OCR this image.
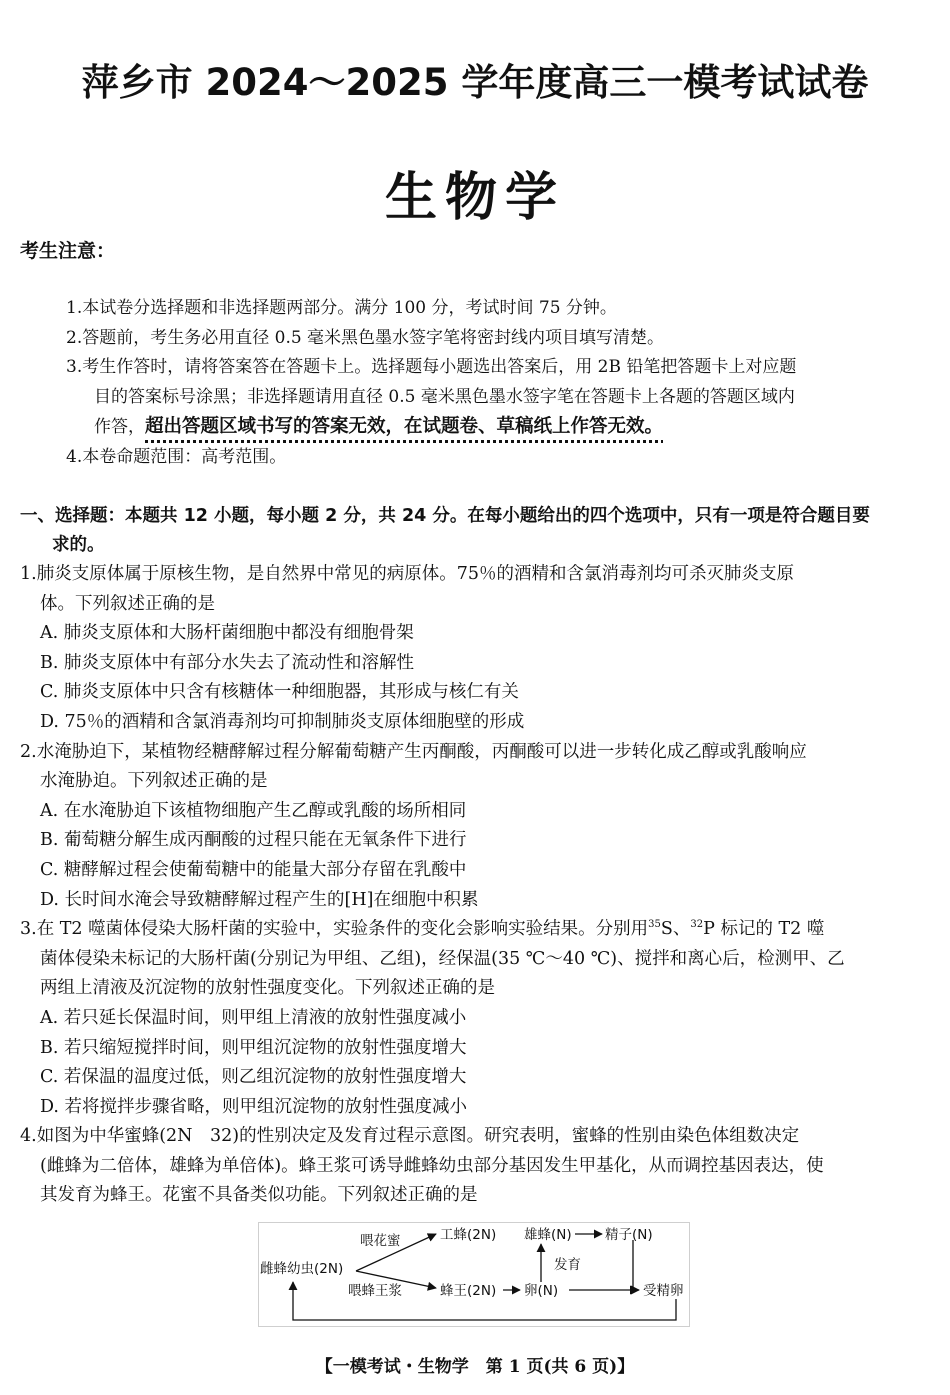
萍乡市 2024～2025 学年度高三一模考试试卷
生物学
考生注意：

1.本试卷分选择题和非选择题两部分。满分 100 分，考试时间 75 分钟。

2.答题前，考生务必用直径 0.5 毫米黑色墨水签字笔将密封线内项目填写清楚。

3.考生作答时，请将答案答在答题卡上。选择题每小题选出答案后，用 2B 铅笔把答题卡上对应题

目的答案标号涂黑；非选择题请用直径 0.5 毫米黑色墨水签字笔在答题卡上各题的答题区域内

作答，超出答题区域书写的答案无效，在试题卷、草稿纸上作答无效。

4.本卷命题范围：高考范围。

一、选择题：本题共 12 小题，每小题 2 分，共 24 分。在每小题给出的四个选项中，只有一项是符合题目要
求的。

1.肺炎支原体属于原核生物，是自然界中常见的病原体。75％的酒精和含氯消毒剂均可杀灭肺炎支原

体。下列叙述正确的是

A. 肺炎支原体和大肠杆菌细胞中都没有细胞骨架

B. 肺炎支原体中有部分水失去了流动性和溶解性

C. 肺炎支原体中只含有核糖体一种细胞器，其形成与核仁有关

D. 75％的酒精和含氯消毒剂均可抑制肺炎支原体细胞壁的形成

2.水淹胁迫下，某植物经糖酵解过程分解葡萄糖产生丙酮酸，丙酮酸可以进一步转化成乙醇或乳酸响应

水淹胁迫。下列叙述正确的是

A. 在水淹胁迫下该植物细胞产生乙醇或乳酸的场所相同

B. 葡萄糖分解生成丙酮酸的过程只能在无氧条件下进行

C. 糖酵解过程会使葡萄糖中的能量大部分存留在乳酸中

D. 长时间水淹会导致糖酵解过程产生的[H]在细胞中积累

3.在 T2 噬菌体侵染大肠杆菌的实验中，实验条件的变化会影响实验结果。分别用$^{35}$S、$^{32}$P 标记的 T2 噬

菌体侵染未标记的大肠杆菌(分别记为甲组、乙组)，经保温(35 ℃～40 ℃)、搅拌和离心后，检测甲、乙

两组上清液及沉淀物的放射性强度变化。下列叙述正确的是

A. 若只延长保温时间，则甲组上清液的放射性强度减小

B. 若只缩短搅拌时间，则甲组沉淀物的放射性强度增大

C. 若保温的温度过低，则乙组沉淀物的放射性强度增大

D. 若将搅拌步骤省略，则甲组沉淀物的放射性强度减小

4.如图为中华蜜蜂(2N　32)的性别决定及发育过程示意图。研究表明，蜜蜂的性别由染色体组数决定

(雌蜂为二倍体，雄蜂为单倍体)。蜂王浆可诱导雌蜂幼虫部分基因发生甲基化，从而调控基因表达，使

其发育为蜂王。花蜜不具备类似功能。下列叙述正确的是

雌蜂幼虫(2N)
喂花蜜
喂蜂王浆
工蜂(2N)
蜂王(2N) 卵(N)
雄蜂(N) 精子(N)
发育
受精卵
【一模考试・生物学　第 1 页(共 6 页)】
